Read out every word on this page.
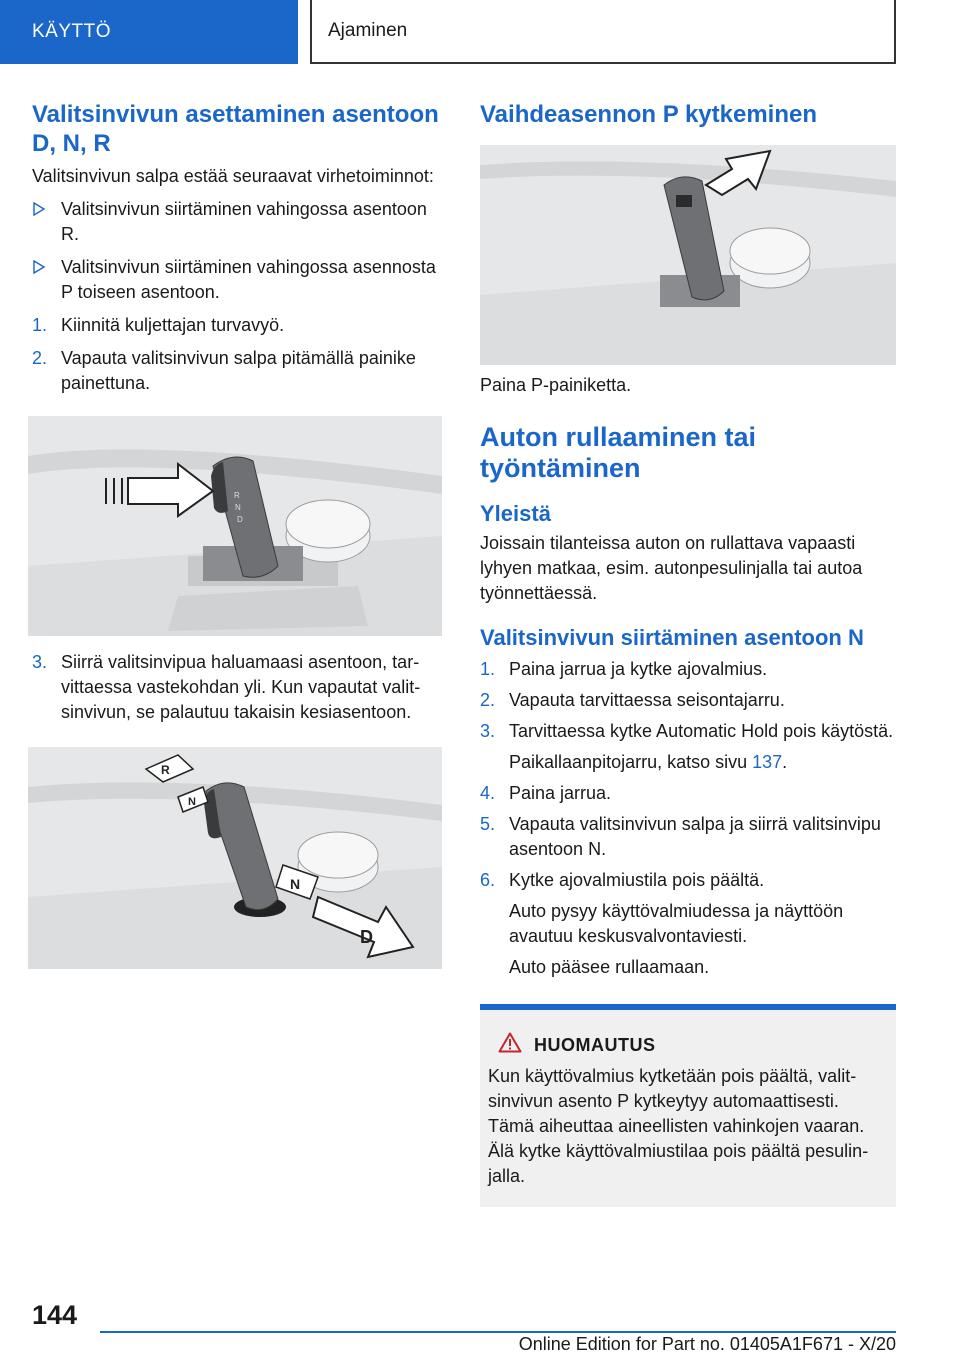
KÄYTTÖ	Ajaminen
Valitsinvivun asettaminen asentoon D, N, R

Valitsinvivun salpa estää seuraavat virhetoiminnot:

Valitsinvivun siirtäminen vahingossa asentoon R.
Valitsinvivun siirtäminen vahingossa asennosta P toiseen asentoon.
1. Kiinnitä kuljettajan turvavyö.
2. Vapauta valitsinvivun salpa pitämällä painike painettuna.
R
N
D
3. Siirrä valitsinvipua haluamaasi asentoon, tarvittaessa vastekohdan yli. Kun vapautat valitsinvivun, se palautuu takaisin kesiasentoon.
R
N
N
D
Vaihdeasennon P kytkeminen

Paina P-painiketta.

Auton rullaaminen tai työntäminen
Yleistä

Joissain tilanteissa auton on rullattava vapaasti lyhyen matkaa, esim. autonpesulinjalla tai autoa työnnettäessä.

Valitsinvivun siirtäminen asentoon N
1. Paina jarrua ja kytke ajovalmius.
2. Vapauta tarvittaessa seisontajarru.
3. Tarvittaessa kytke Automatic Hold pois käytöstä.
Paikallaanpitojarru, katso sivu 137.
4. Paina jarrua.
5. Vapauta valitsinvivun salpa ja siirrä valitsinvipu asentoon N.
6. Kytke ajovalmiustila pois päältä.
Auto pysyy käyttövalmiudessa ja näyttöön avautuu keskusvalvontaviesti.
Auto pääsee rullaamaan.
HUOMAUTUS

Kun käyttövalmius kytketään pois päältä, valitsinvivun asento P kytkeytyy automaattisesti. Tämä aiheuttaa aineellisten vahinkojen vaaran. Älä kytke käyttövalmiustilaa pois päältä pesulinjalla.

144
Online Edition for Part no. 01405A1F671 - X/20
